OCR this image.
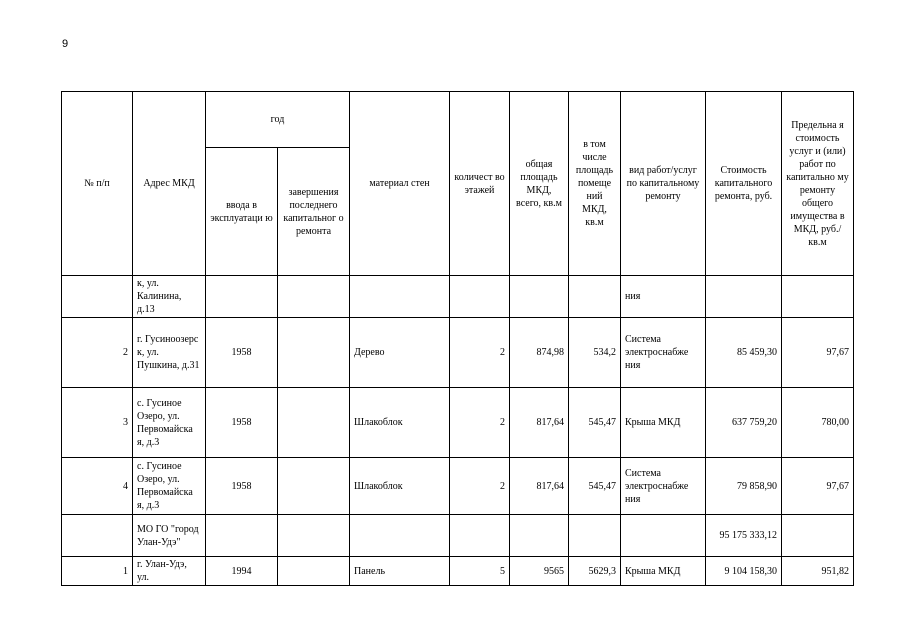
9
№ п/п	Адрес МКД	год		материал стен	количест во этажей	общая площадь МКД, всего, кв.м	в том числе площадь помеще ний МКД, кв.м	вид работ/услуг по капитальному ремонту	Стоимость капитального ремонта, руб.	Предельна я стоимость услуг и (или) работ по капитально му ремонту общего имущества в МКД, руб./кв.м
		ввода в эксплуатаци ю	завершения последнего капитальног о ремонта							
	к, ул. Калинина, д.13							ния		
2	г. Гусиноозерс к, ул. Пушкина, д.31	1958		Дерево	2	874,98	534,2	Система электроснабже ния	85 459,30	97,67
3	с. Гусиное Озеро, ул. Первомайска я, д.3	1958		Шлакоблок	2	817,64	545,47	Крыша МКД	637 759,20	780,00
4	с. Гусиное Озеро, ул. Первомайска я, д.3	1958		Шлакоблок	2	817,64	545,47	Система электроснабже ния	79 858,90	97,67
	МО ГО "город Улан-Удэ"								95 175 333,12	
1	г. Улан-Удэ, ул.	1994		Панель	5	9565	5629,3	Крыша МКД	9 104 158,30	951,82
